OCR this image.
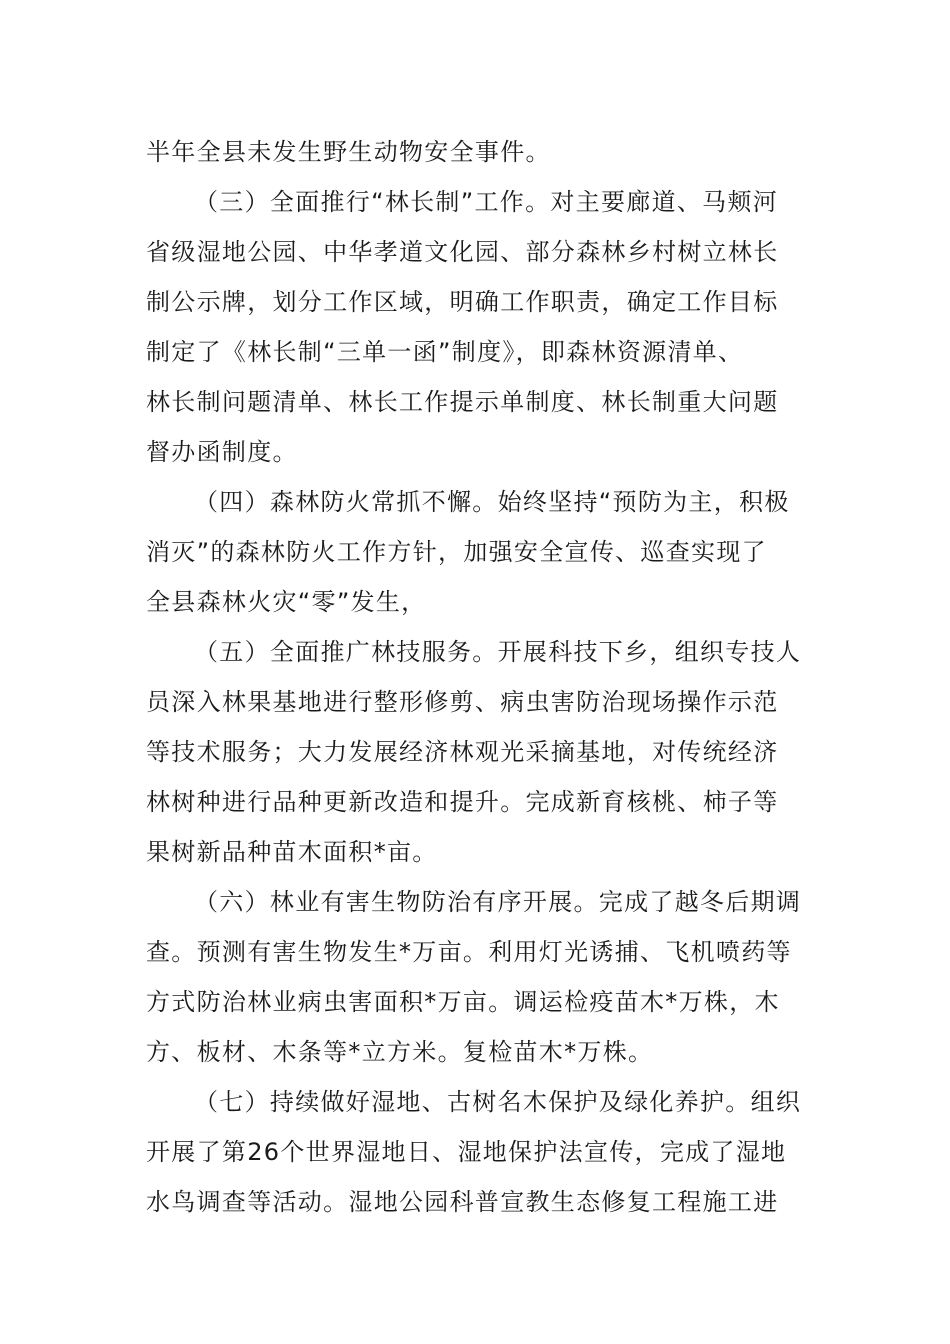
半年全县未发生野生动物安全事件。
（三）全面推行“林长制”工作。对主要廊道、马颊河
省级湿地公园、中华孝道文化园、部分森林乡村树立林长
制公示牌，划分工作区域，明确工作职责，确定工作目标
制定了《林长制“三单一函”制度》，即森林资源清单、
林长制问题清单、林长工作提示单制度、林长制重大问题
督办函制度。
（四）森林防火常抓不懈。始终坚持“预防为主，积极
消灭”的森林防火工作方针，加强安全宣传、巡查实现了
全县森林火灾“零”发生，
（五）全面推广林技服务。开展科技下乡，组织专技人
员深入林果基地进行整形修剪、病虫害防治现场操作示范
等技术服务；大力发展经济林观光采摘基地，对传统经济
林树种进行品种更新改造和提升。完成新育核桃、柿子等
果树新品种苗木面积*亩。
（六）林业有害生物防治有序开展。完成了越冬后期调
查。预测有害生物发生*万亩。利用灯光诱捕、飞机喷药等
方式防治林业病虫害面积*万亩。调运检疫苗木*万株，木
方、板材、木条等*立方米。复检苗木*万株。
（七）持续做好湿地、古树名木保护及绿化养护。组织
开展了第26个世界湿地日、湿地保护法宣传，完成了湿地
水鸟调查等活动。湿地公园科普宣教生态修复工程施工进
